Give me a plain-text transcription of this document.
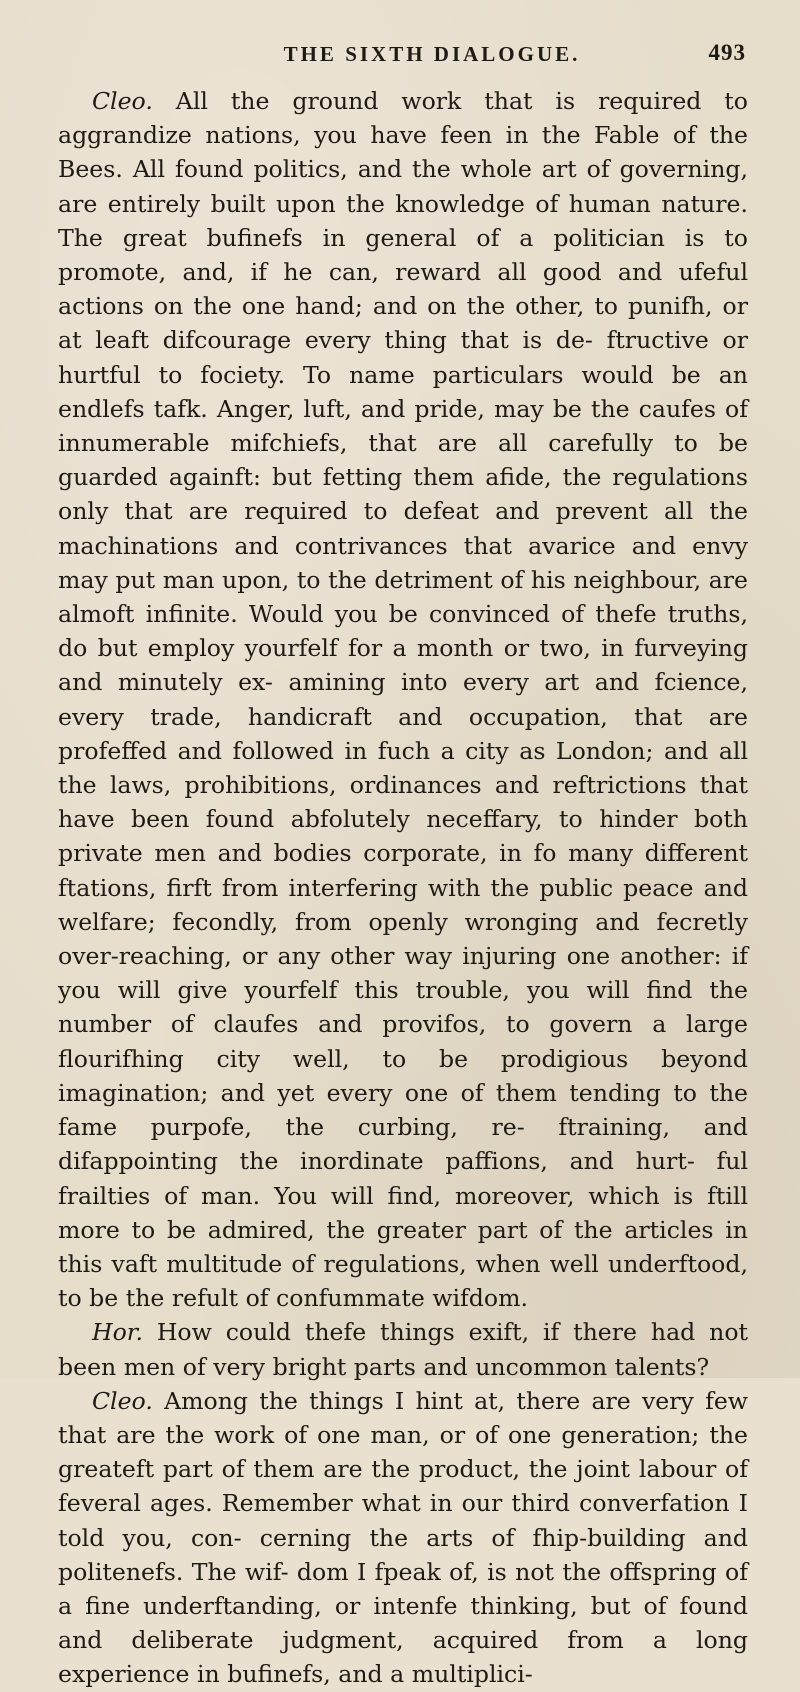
THE SIXTH DIALOGUE.	493

Cleo. All the ground work that is required to aggrandize nations, you have feen in the Fable of the Bees. All found politics, and the whole art of governing, are entirely built upon the knowledge of human nature. The great bufinefs in general of a politician is to promote, and, if he can, reward all good and ufeful actions on the one hand; and on the other, to punifh, or at leaft difcourage every thing that is de- ftructive or hurtful to fociety. To name particulars would be an endlefs tafk. Anger, luft, and pride, may be the caufes of innumerable mifchiefs, that are all carefully to be guarded againft: but fetting them afide, the regulations only that are required to defeat and prevent all the machinations and contrivances that avarice and envy may put man upon, to the detriment of his neighbour, are almoft infinite. Would you be convinced of thefe truths, do but employ yourfelf for a month or two, in furveying and minutely ex- amining into every art and fcience, every trade, handicraft and occupation, that are profeffed and followed in fuch a city as London; and all the laws, prohibitions, ordinances and reftrictions that have been found abfolutely neceffary, to hinder both private men and bodies corporate, in fo many different ftations, firft from interfering with the public peace and welfare; fecondly, from openly wronging and fecretly over-reaching, or any other way injuring one another: if you will give yourfelf this trouble, you will find the number of claufes and provifos, to govern a large flourifhing city well, to be prodigious beyond imagination; and yet every one of them tending to the fame purpofe, the curbing, re- ftraining, and difappointing the inordinate paffions, and hurt- ful frailties of man. You will find, moreover, which is ftill more to be admired, the greater part of the articles in this vaft multitude of regulations, when well underftood, to be the refult of confummate wifdom.

Hor. How could thefe things exift, if there had not been men of very bright parts and uncommon talents?

Cleo. Among the things I hint at, there are very few that are the work of one man, or of one generation; the greateft part of them are the product, the joint labour of feveral ages. Remember what in our third converfation I told you, con- cerning the arts of fhip-building and politenefs. The wif- dom I fpeak of, is not the offspring of a fine underftanding, or intenfe thinking, but of found and deliberate judgment, acquired from a long experience in bufinefs, and a multiplici-
